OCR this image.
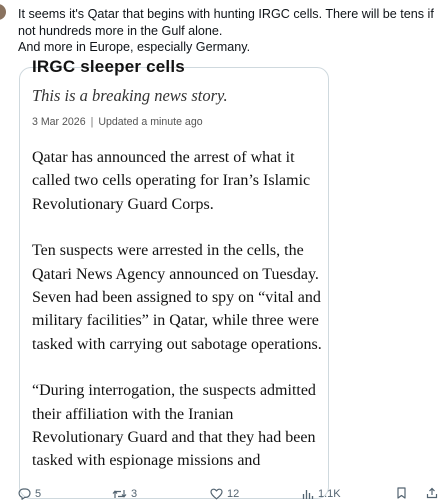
It seems it's Qatar that begins with hunting IRGC cells. There will be tens if not hundreds more in the Gulf alone.

And more in Europe, especially Germany.

IRGC sleeper cells
This is a breaking news story.
3 Mar 2026 | Updated a minute ago

Qatar has announced the arrest of what it called two cells operating for Iran’s Islamic Revolutionary Guard Corps.

Ten suspects were arrested in the cells, the Qatari News Agency announced on Tuesday. Seven had been assigned to spy on “vital and military facilities” in Qatar, while three were tasked with carrying out sabotage operations.

“During interrogation, the suspects admitted their affiliation with the Iranian Revolutionary Guard and that they had been tasked with espionage missions and

5	3	12	1.1K
